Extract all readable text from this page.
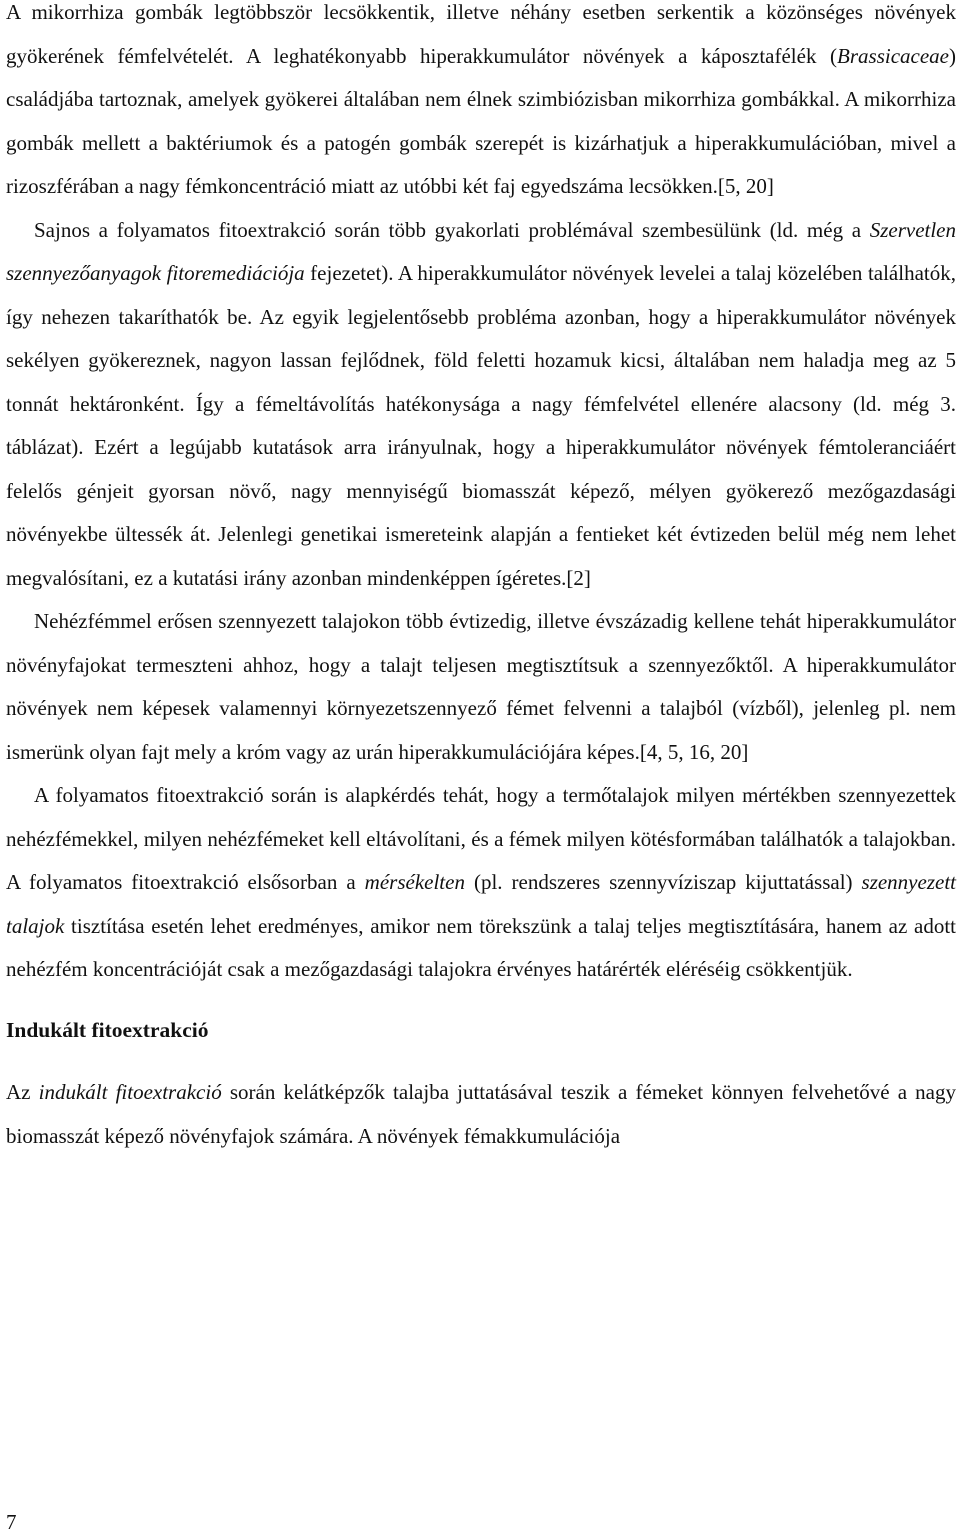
A mikorrhiza gombák legtöbbször lecsökkentik, illetve néhány esetben serkentik a közönséges növények gyökerének fémfelvételét. A leghatékonyabb hiperakkumulátor növények a káposztafélék (Brassicaceae) családjába tartoznak, amelyek gyökerei általában nem élnek szimbiózisban mikorrhiza gombákkal. A mikorrhiza gombák mellett a baktériumok és a patogén gombák szerepét is kizárhatjuk a hiperakkumulációban, mivel a rizoszférában a nagy fémkoncentráció miatt az utóbbi két faj egyedszáma lecsökken.[5, 20]

Sajnos a folyamatos fitoextrakció során több gyakorlati problémával szembesülünk (ld. még a Szervetlen szennyezőanyagok fitoremediációja fejezetet). A hiperakkumulátor növények levelei a talaj közelében találhatók, így nehezen takaríthatók be. Az egyik legjelentősebb probléma azonban, hogy a hiperakkumulátor növények sekélyen gyökereznek, nagyon lassan fejlődnek, föld feletti hozamuk kicsi, általában nem haladja meg az 5 tonnát hektáronként. Így a fémeltávolítás hatékonysága a nagy fémfelvétel ellenére alacsony (ld. még 3. táblázat). Ezért a legújabb kutatások arra irányulnak, hogy a hiperakkumulátor növények fémtoleranciáért felelős génjeit gyorsan növő, nagy mennyiségű biomasszát képező, mélyen gyökerező mezőgazdasági növényekbe ültessék át. Jelenlegi genetikai ismereteink alapján a fentieket két évtizeden belül még nem lehet megvalósítani, ez a kutatási irány azonban mindenképpen ígéretes.[2]

Nehézfémmel erősen szennyezett talajokon több évtizedig, illetve évszázadig kellene tehát hiperakkumulátor növényfajokat termeszteni ahhoz, hogy a talajt teljesen megtisztítsuk a szennyezőktől. A hiperakkumulátor növények nem képesek valamennyi környezetszennyező fémet felvenni a talajból (vízből), jelenleg pl. nem ismerünk olyan fajt mely a króm vagy az urán hiperakkumulációjára képes.[4, 5, 16, 20]

A folyamatos fitoextrakció során is alapkérdés tehát, hogy a termőtalajok milyen mértékben szennyezettek nehézfémekkel, milyen nehézfémeket kell eltávolítani, és a fémek milyen kötésformában találhatók a talajokban. A folyamatos fitoextrakció elsősorban a mérsékelten (pl. rendszeres szennyvíziszap kijuttatással) szennyezett talajok tisztítása esetén lehet eredményes, amikor nem törekszünk a talaj teljes megtisztítására, hanem az adott nehézfém koncentrációját csak a mezőgazdasági talajokra érvényes határérték eléréséig csökkentjük.

Indukált fitoextrakció

Az indukált fitoextrakció során kelátképzők talajba juttatásával teszik a fémeket könnyen felvehetővé a nagy biomasszát képező növényfajok számára. A növények fémakkumulációja

7
